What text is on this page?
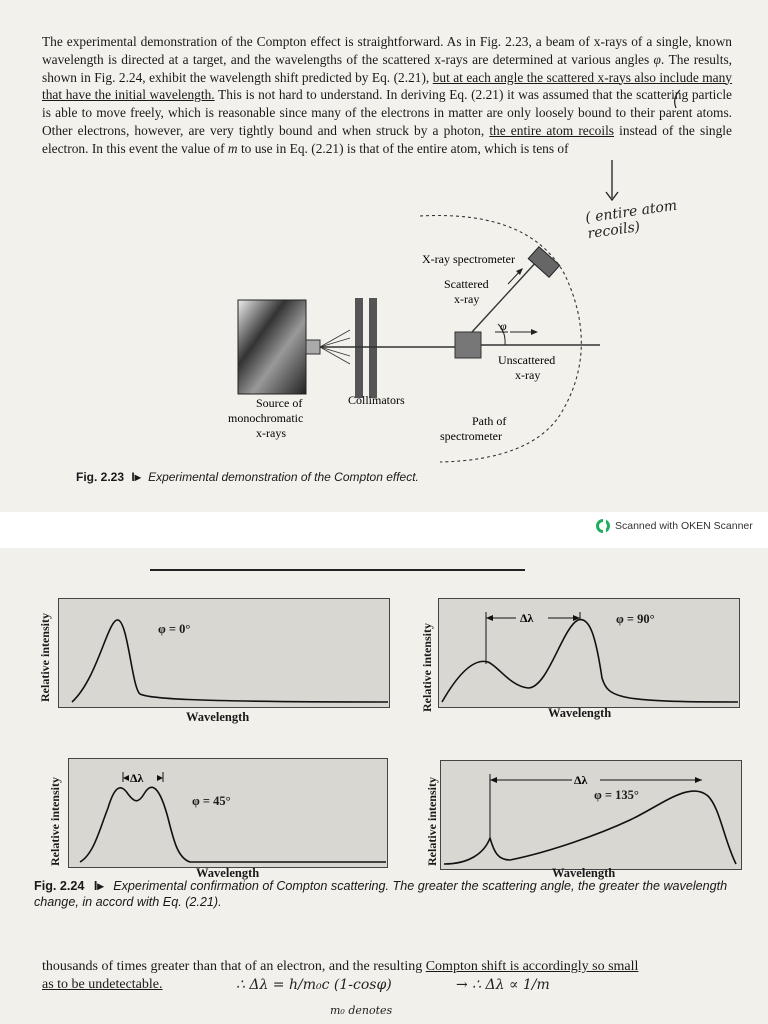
The experimental demonstration of the Compton effect is straightforward. As in Fig. 2.23, a beam of x-rays of a single, known wavelength is directed at a target, and the wavelengths of the scattered x-rays are determined at various angles φ. The results, shown in Fig. 2.24, exhibit the wavelength shift predicted by Eq. (2.21), but at each angle the scattered x-rays also include many that have the initial wavelength. This is not hard to understand. In deriving Eq. (2.21) it was assumed that the scattering particle is able to move freely, which is reasonable since many of the electrons in matter are only loosely bound to their parent atoms. Other electrons, however, are very tightly bound and when struck by a photon, the entire atom recoils instead of the single electron. In this event the value of m to use in Eq. (2.21) is that of the entire atom, which is tens of
( entire atom recoils)
X-ray spectrometer
Scattered
x-ray
φ
Unscattered
x-ray
Source of
monochromatic
x-rays
Collimators
Path of
spectrometer
Fig. 2.23 I▸ Experimental demonstration of the Compton effect.
Scanned with OKEN Scanner
φ = 0°
Relative intensity
Wavelength
Δλ	φ = 90°
Relative intensity
Wavelength
Δλ
φ = 45°
Relative intensity
Wavelength
Δλ
φ = 135°
Relative intensity
Wavelength
Fig. 2.24 I▸ Experimental confirmation of Compton scattering. The greater the scattering angle, the greater the wavelength change, in accord with Eq. (2.21).
thousands of times greater than that of an electron, and the resulting Compton shift is accordingly so small
as to be undetectable.	∴ Δλ = h/m₀c (1-cosφ)	→ ∴ Δλ ∝ 1/m
m₀ denotes
